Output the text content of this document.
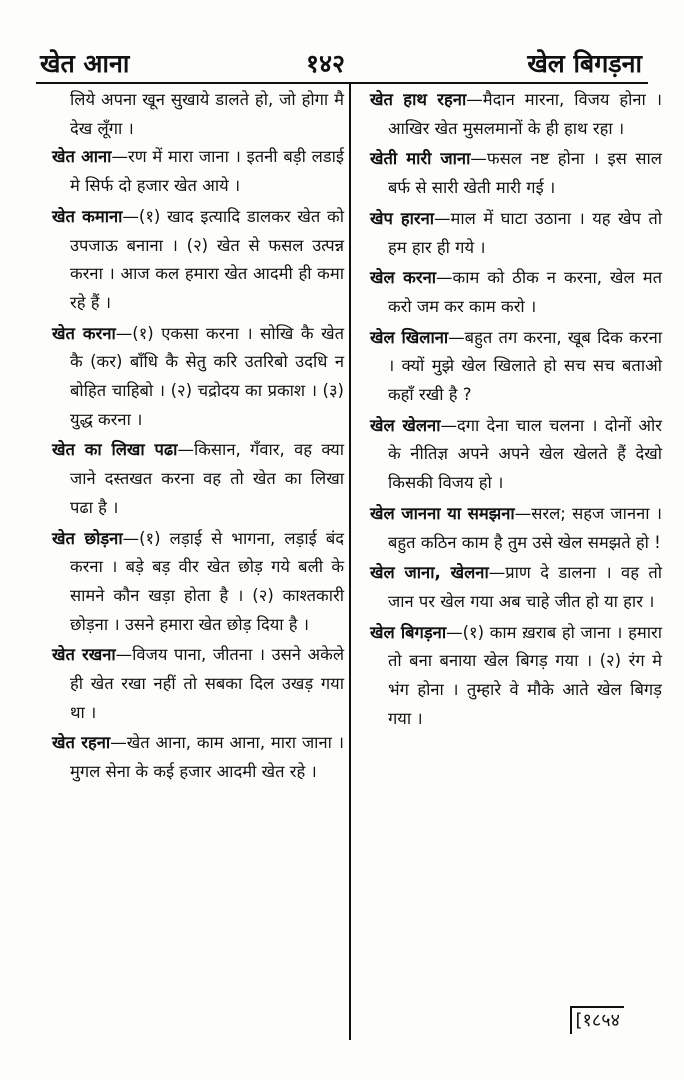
खेत आना	१४२	खेल बिगड़ना
लिये अपना खून सुखाये डालते हो, जो होगा मै देख लूँगा ।
खेत आना—रण में मारा जाना । इतनी बड़ी लडाई मे सिर्फ दो हजार खेत आये ।
खेत कमाना—(१) खाद इत्यादि डालकर खेत को उपजाऊ बनाना । (२) खेत से फसल उत्पन्न करना । आज कल हमारा खेत आदमी ही कमा रहे हैं ।
खेत करना—(१) एकसा करना । सोखि कै खेत कै (कर) बाँधि कै सेतु करि उतरिबो उदधि न बोहित चाहिबो । (२) चद्रोदय का प्रकाश । (३) युद्ध करना ।
खेत का लिखा पढा—किसान, गँवार, वह क्या जाने दस्तखत करना वह तो खेत का लिखा पढा है ।
खेत छोड़ना—(१) लड़ाई से भागना, लड़ाई बंद करना । बड़े बड़ वीर खेत छोड़ गये बली के सामने कौन खड़ा होता है । (२) काश्तकारी छोड़ना । उसने हमारा खेत छोड़ दिया है ।
खेत रखना—विजय पाना, जीतना । उसने अकेले ही खेत रखा नहीं तो सबका दिल उखड़ गया था ।
खेत रहना—खेत आना, काम आना, मारा जाना । मुगल सेना के कई हजार आदमी खेत रहे ।
खेत हाथ रहना—मैदान मारना, विजय होना । आखिर खेत मुसलमानों के ही हाथ रहा ।
खेती मारी जाना—फसल नष्ट होना । इस साल बर्फ से सारी खेती मारी गई ।
खेप हारना—माल में घाटा उठाना । यह खेप तो हम हार ही गये ।
खेल करना—काम को ठीक न करना, खेल मत करो जम कर काम करो ।
खेल खिलाना—बहुत तग करना, खूब दिक करना । क्यों मुझे खेल खिलाते हो सच सच बताओ कहाँ रखी है ?
खेल खेलना—दगा देना चाल चलना । दोनों ओर के नीतिज्ञ अपने अपने खेल खेलते हैं देखो किसकी विजय हो ।
खेल जानना या समझना—सरल; सहज जानना । बहुत कठिन काम है तुम उसे खेल समझते हो !
खेल जाना, खेलना—प्राण दे डालना । वह तो जान पर खेल गया अब चाहे जीत हो या हार ।
खेल बिगड़ना—(१) काम ख़राब हो जाना । हमारा तो बना बनाया खेल बिगड़ गया । (२) रंग मे भंग होना । तुम्हारे वे मौके आते खेल बिगड़ गया ।
[१८५४
